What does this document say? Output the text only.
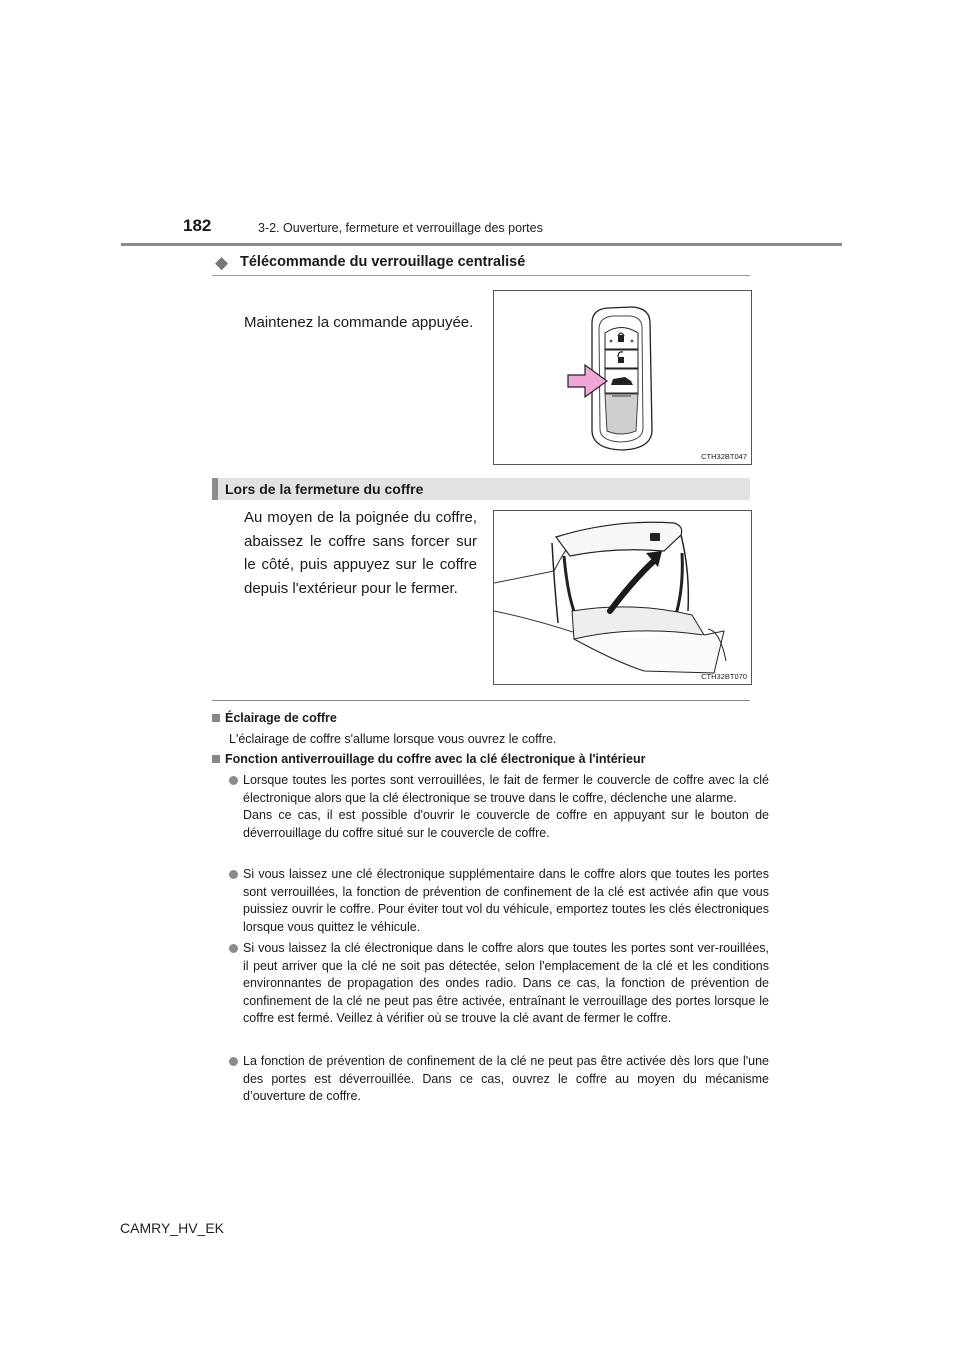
182	3-2. Ouverture, fermeture et verrouillage des portes
◆ Télécommande du verrouillage centralisé
Maintenez la commande appuyée.
CTH32BT047
Lors de la fermeture du coffre
Au moyen de la poignée du coffre, abaissez le coffre sans forcer sur le côté, puis appuyez sur le coffre depuis l'extérieur pour le fermer.
CTH32BT070
Éclairage de coffre
L'éclairage de coffre s'allume lorsque vous ouvrez le coffre.
Fonction antiverrouillage du coffre avec la clé électronique à l'intérieur

Lorsque toutes les portes sont verrouillées, le fait de fermer le couvercle de coffre avec la clé électronique alors que la clé électronique se trouve dans le coffre, déclenche une alarme.

Dans ce cas, il est possible d'ouvrir le couvercle de coffre en appuyant sur le bouton de déverrouillage du coffre situé sur le couvercle de coffre.

Si vous laissez une clé électronique supplémentaire dans le coffre alors que toutes les portes sont verrouillées, la fonction de prévention de confinement de la clé est activée afin que vous puissiez ouvrir le coffre. Pour éviter tout vol du véhicule, emportez toutes les clés électroniques lorsque vous quittez le véhicule.

Si vous laissez la clé électronique dans le coffre alors que toutes les portes sont ver-rouillées, il peut arriver que la clé ne soit pas détectée, selon l'emplacement de la clé et les conditions environnantes de propagation des ondes radio. Dans ce cas, la fonction de prévention de confinement de la clé ne peut pas être activée, entraînant le verrouillage des portes lorsque le coffre est fermé. Veillez à vérifier où se trouve la clé avant de fermer le coffre.

La fonction de prévention de confinement de la clé ne peut pas être activée dès lors que l'une des portes est déverrouillée. Dans ce cas, ouvrez le coffre au moyen du mécanisme d’ouverture de coffre.

CAMRY_HV_EK
